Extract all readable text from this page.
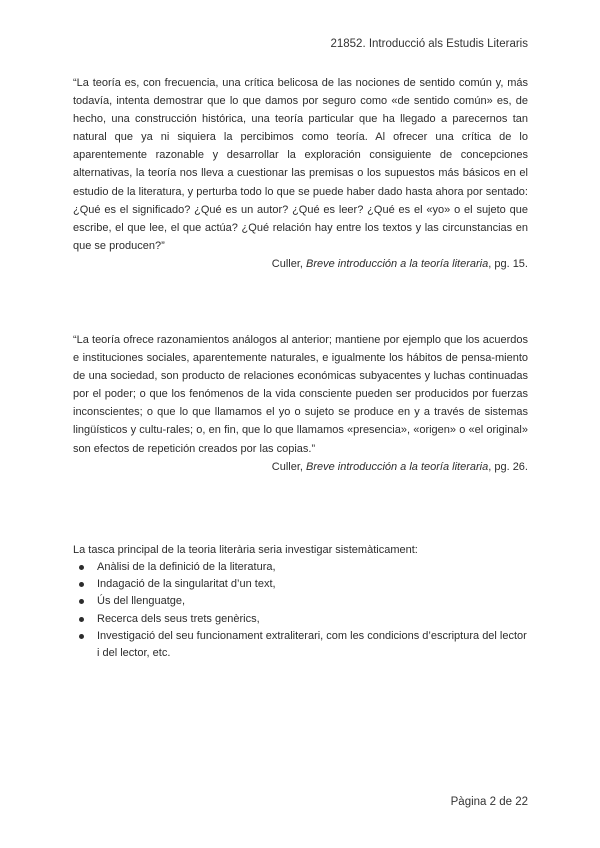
21852. Introducció als Estudis Literaris

“La teoría es, con frecuencia, una crítica belicosa de las nociones de sentido común y, más todavía, intenta demostrar que lo que damos por seguro como «de sentido común» es, de hecho, una construcción histórica, una teoría particular que ha llegado a parecernos tan natural que ya ni siquiera la percibimos como teoría. Al ofrecer una crítica de lo aparentemente razonable y desarrollar la exploración consiguiente de concepciones alternativas, la teoría nos lleva a cuestionar las premisas o los supuestos más básicos en el estudio de la literatura, y perturba todo lo que se puede haber dado hasta ahora por sentado: ¿Qué es el significado? ¿Qué es un autor? ¿Qué es leer? ¿Qué es el «yo» o el sujeto que escribe, el que lee, el que actúa? ¿Qué relación hay entre los textos y las circunstancias en que se producen?”

Culler, Breve introducción a la teoría literaria, pg. 15.

“La teoría ofrece razonamientos análogos al anterior; mantiene por ejemplo que los acuerdos e instituciones sociales, aparentemente naturales, e igualmente los hábitos de pensa-miento de una sociedad, son producto de relaciones económicas subyacentes y luchas continuadas por el poder; o que los fenómenos de la vida consciente pueden ser producidos por fuerzas inconscientes; o que lo que llamamos el yo o sujeto se produce en y a través de sistemas lingüísticos y cultu-rales; o, en fin, que lo que llamamos «presencia», «origen» o «el original» son efectos de repetición creados por las copias.”

Culler, Breve introducción a la teoría literaria, pg. 26.

La tasca principal de la teoria literària seria investigar sistemàticament:

Anàlisi de la definició de la literatura,
Indagació de la singularitat d’un text,
Ús del llenguatge,
Recerca dels seus trets genèrics,
Investigació del seu funcionament extraliterari, com les condicions d’escriptura del lector i del lector, etc.
Pàgina 2 de 22
